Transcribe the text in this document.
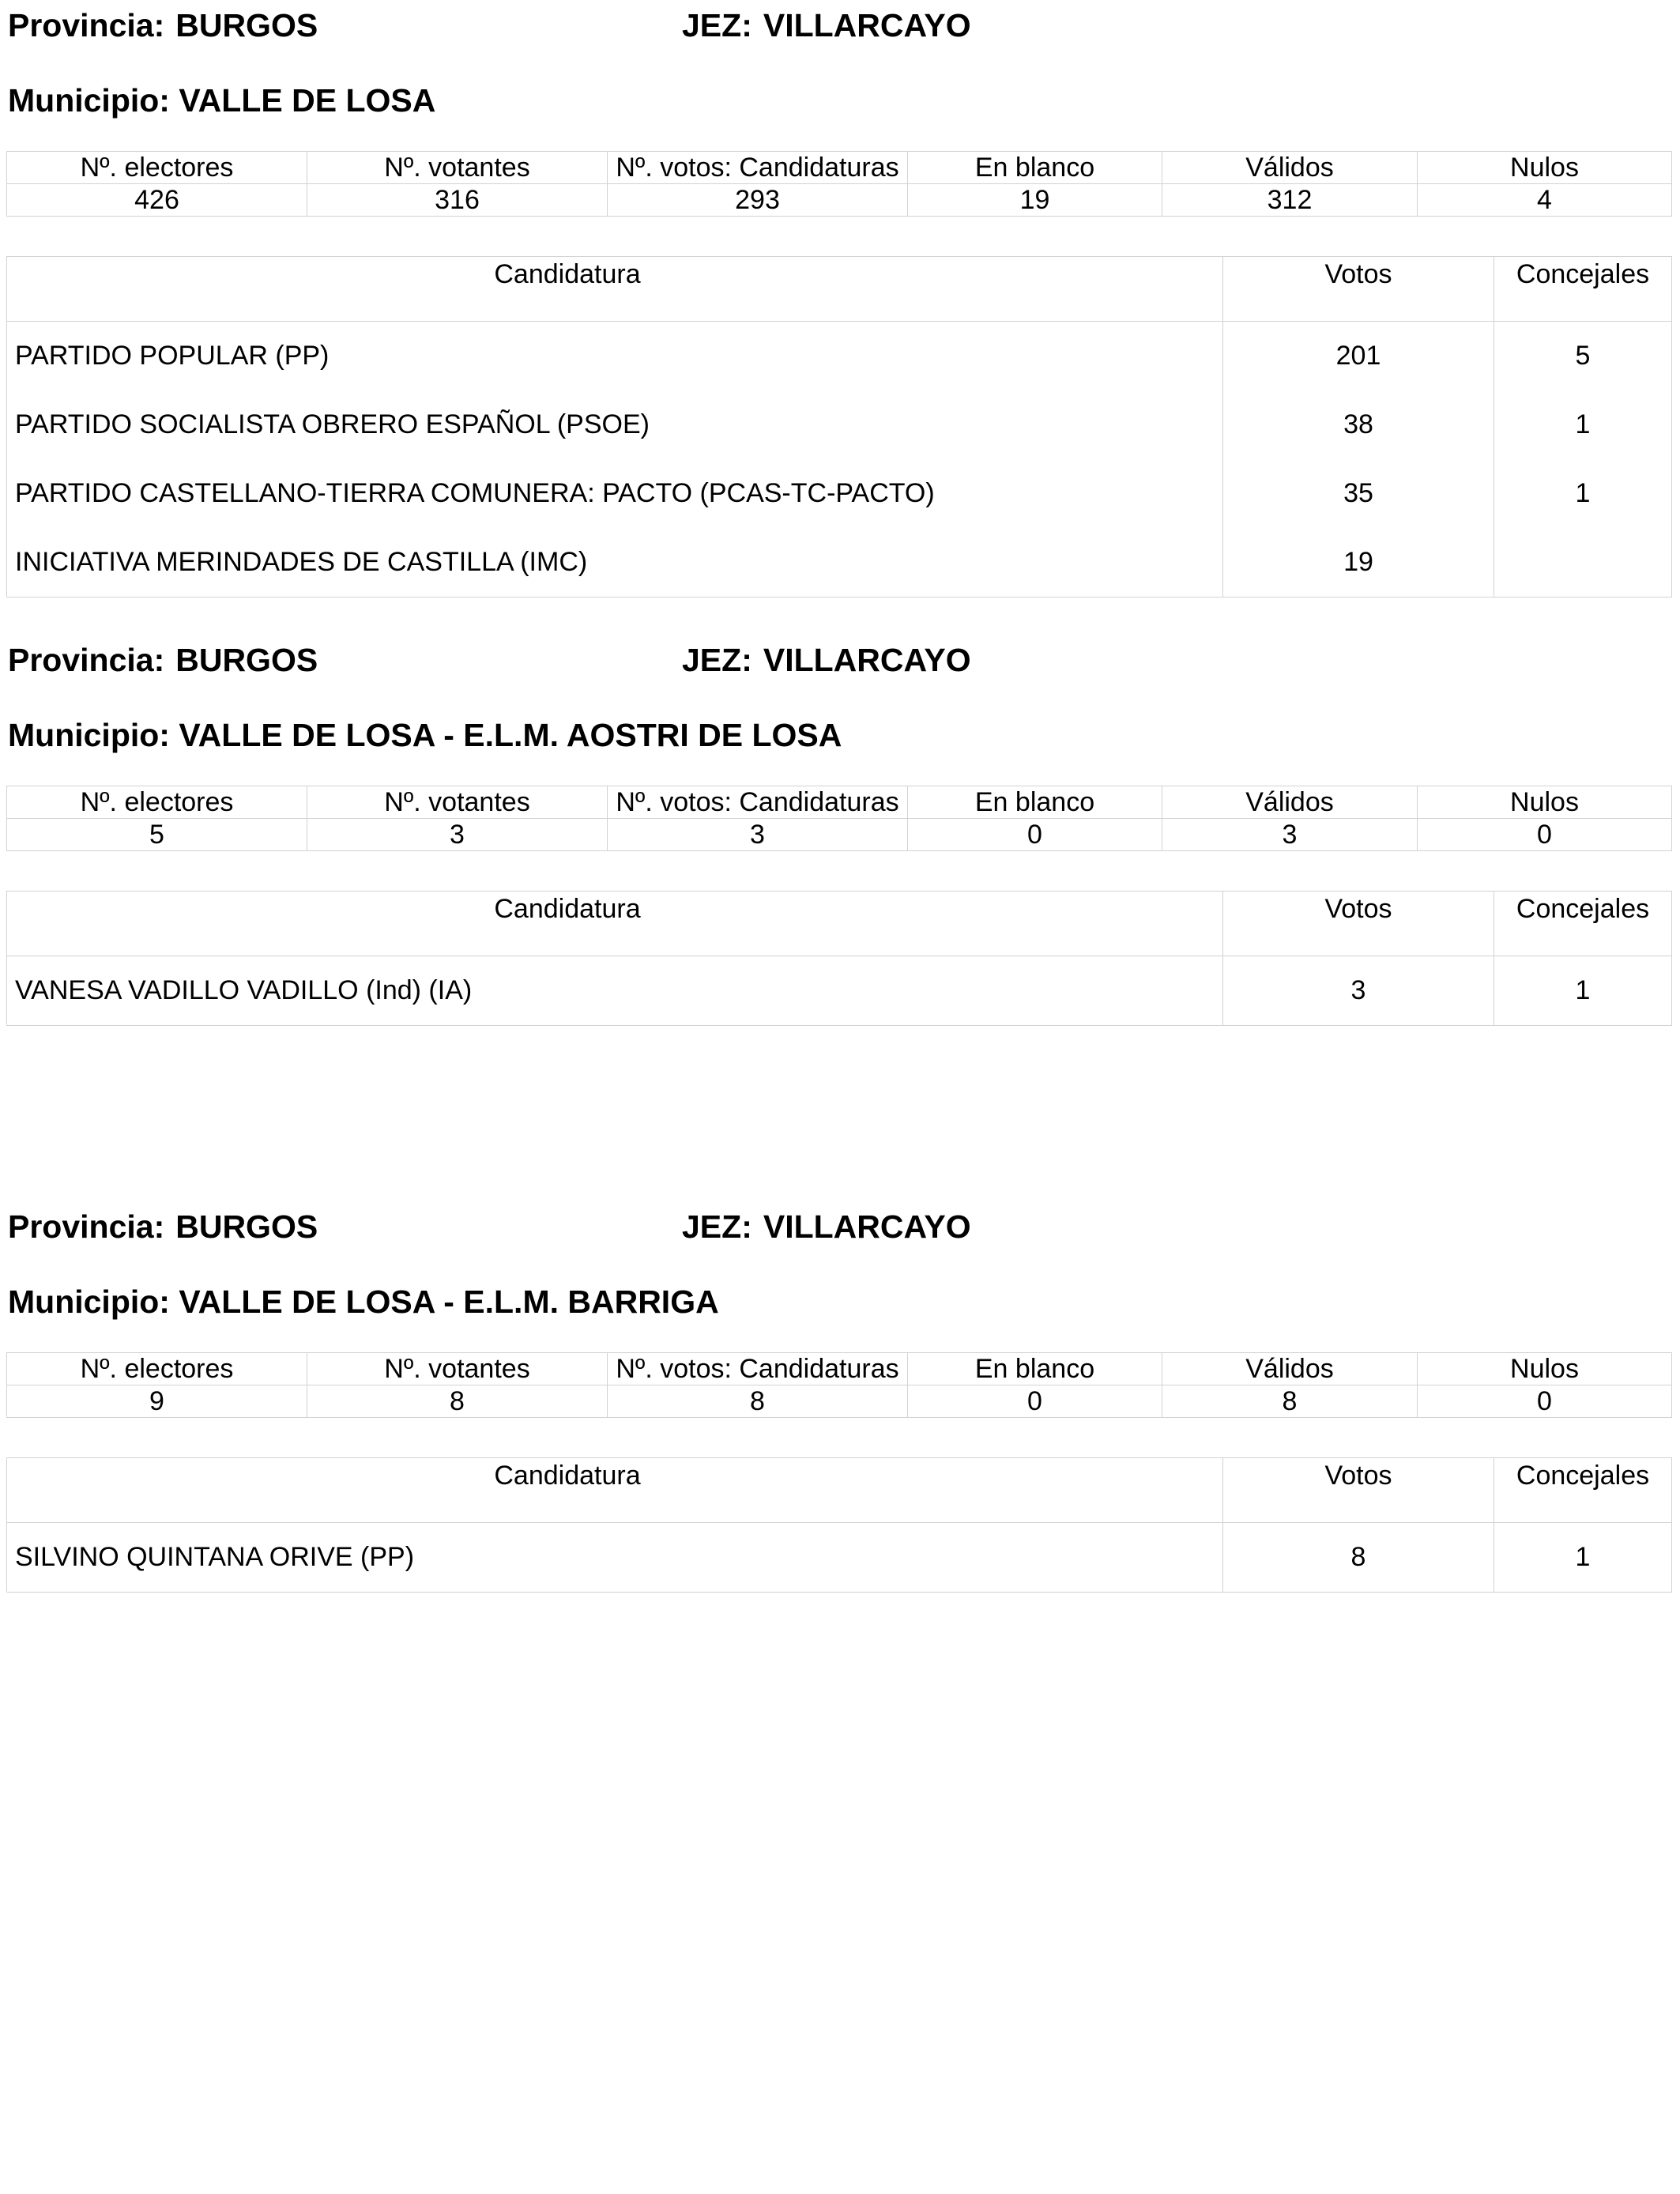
Provincia: BURGOS	JEZ: VILLARCAYO
Municipio: VALLE DE LOSA
Nº. electores	Nº. votantes	Nº. votos: Candidaturas	En blanco	Válidos	Nulos
426	316	293	19	312	4
Candidatura	Votos	Concejales
PARTIDO POPULAR (PP)	201	5
PARTIDO SOCIALISTA OBRERO ESPAÑOL (PSOE)	38	1
PARTIDO CASTELLANO-TIERRA COMUNERA: PACTO (PCAS-TC-PACTO)	35	1
INICIATIVA MERINDADES DE CASTILLA (IMC)	19	
Provincia: BURGOS	JEZ: VILLARCAYO
Municipio: VALLE DE LOSA - E.L.M. AOSTRI DE LOSA
Nº. electores	Nº. votantes	Nº. votos: Candidaturas	En blanco	Válidos	Nulos
5	3	3	0	3	0
Candidatura	Votos	Concejales
VANESA VADILLO VADILLO (Ind) (IA)	3	1
Provincia: BURGOS	JEZ: VILLARCAYO
Municipio: VALLE DE LOSA - E.L.M. BARRIGA
Nº. electores	Nº. votantes	Nº. votos: Candidaturas	En blanco	Válidos	Nulos
9	8	8	0	8	0
Candidatura	Votos	Concejales
SILVINO QUINTANA ORIVE (PP)	8	1
